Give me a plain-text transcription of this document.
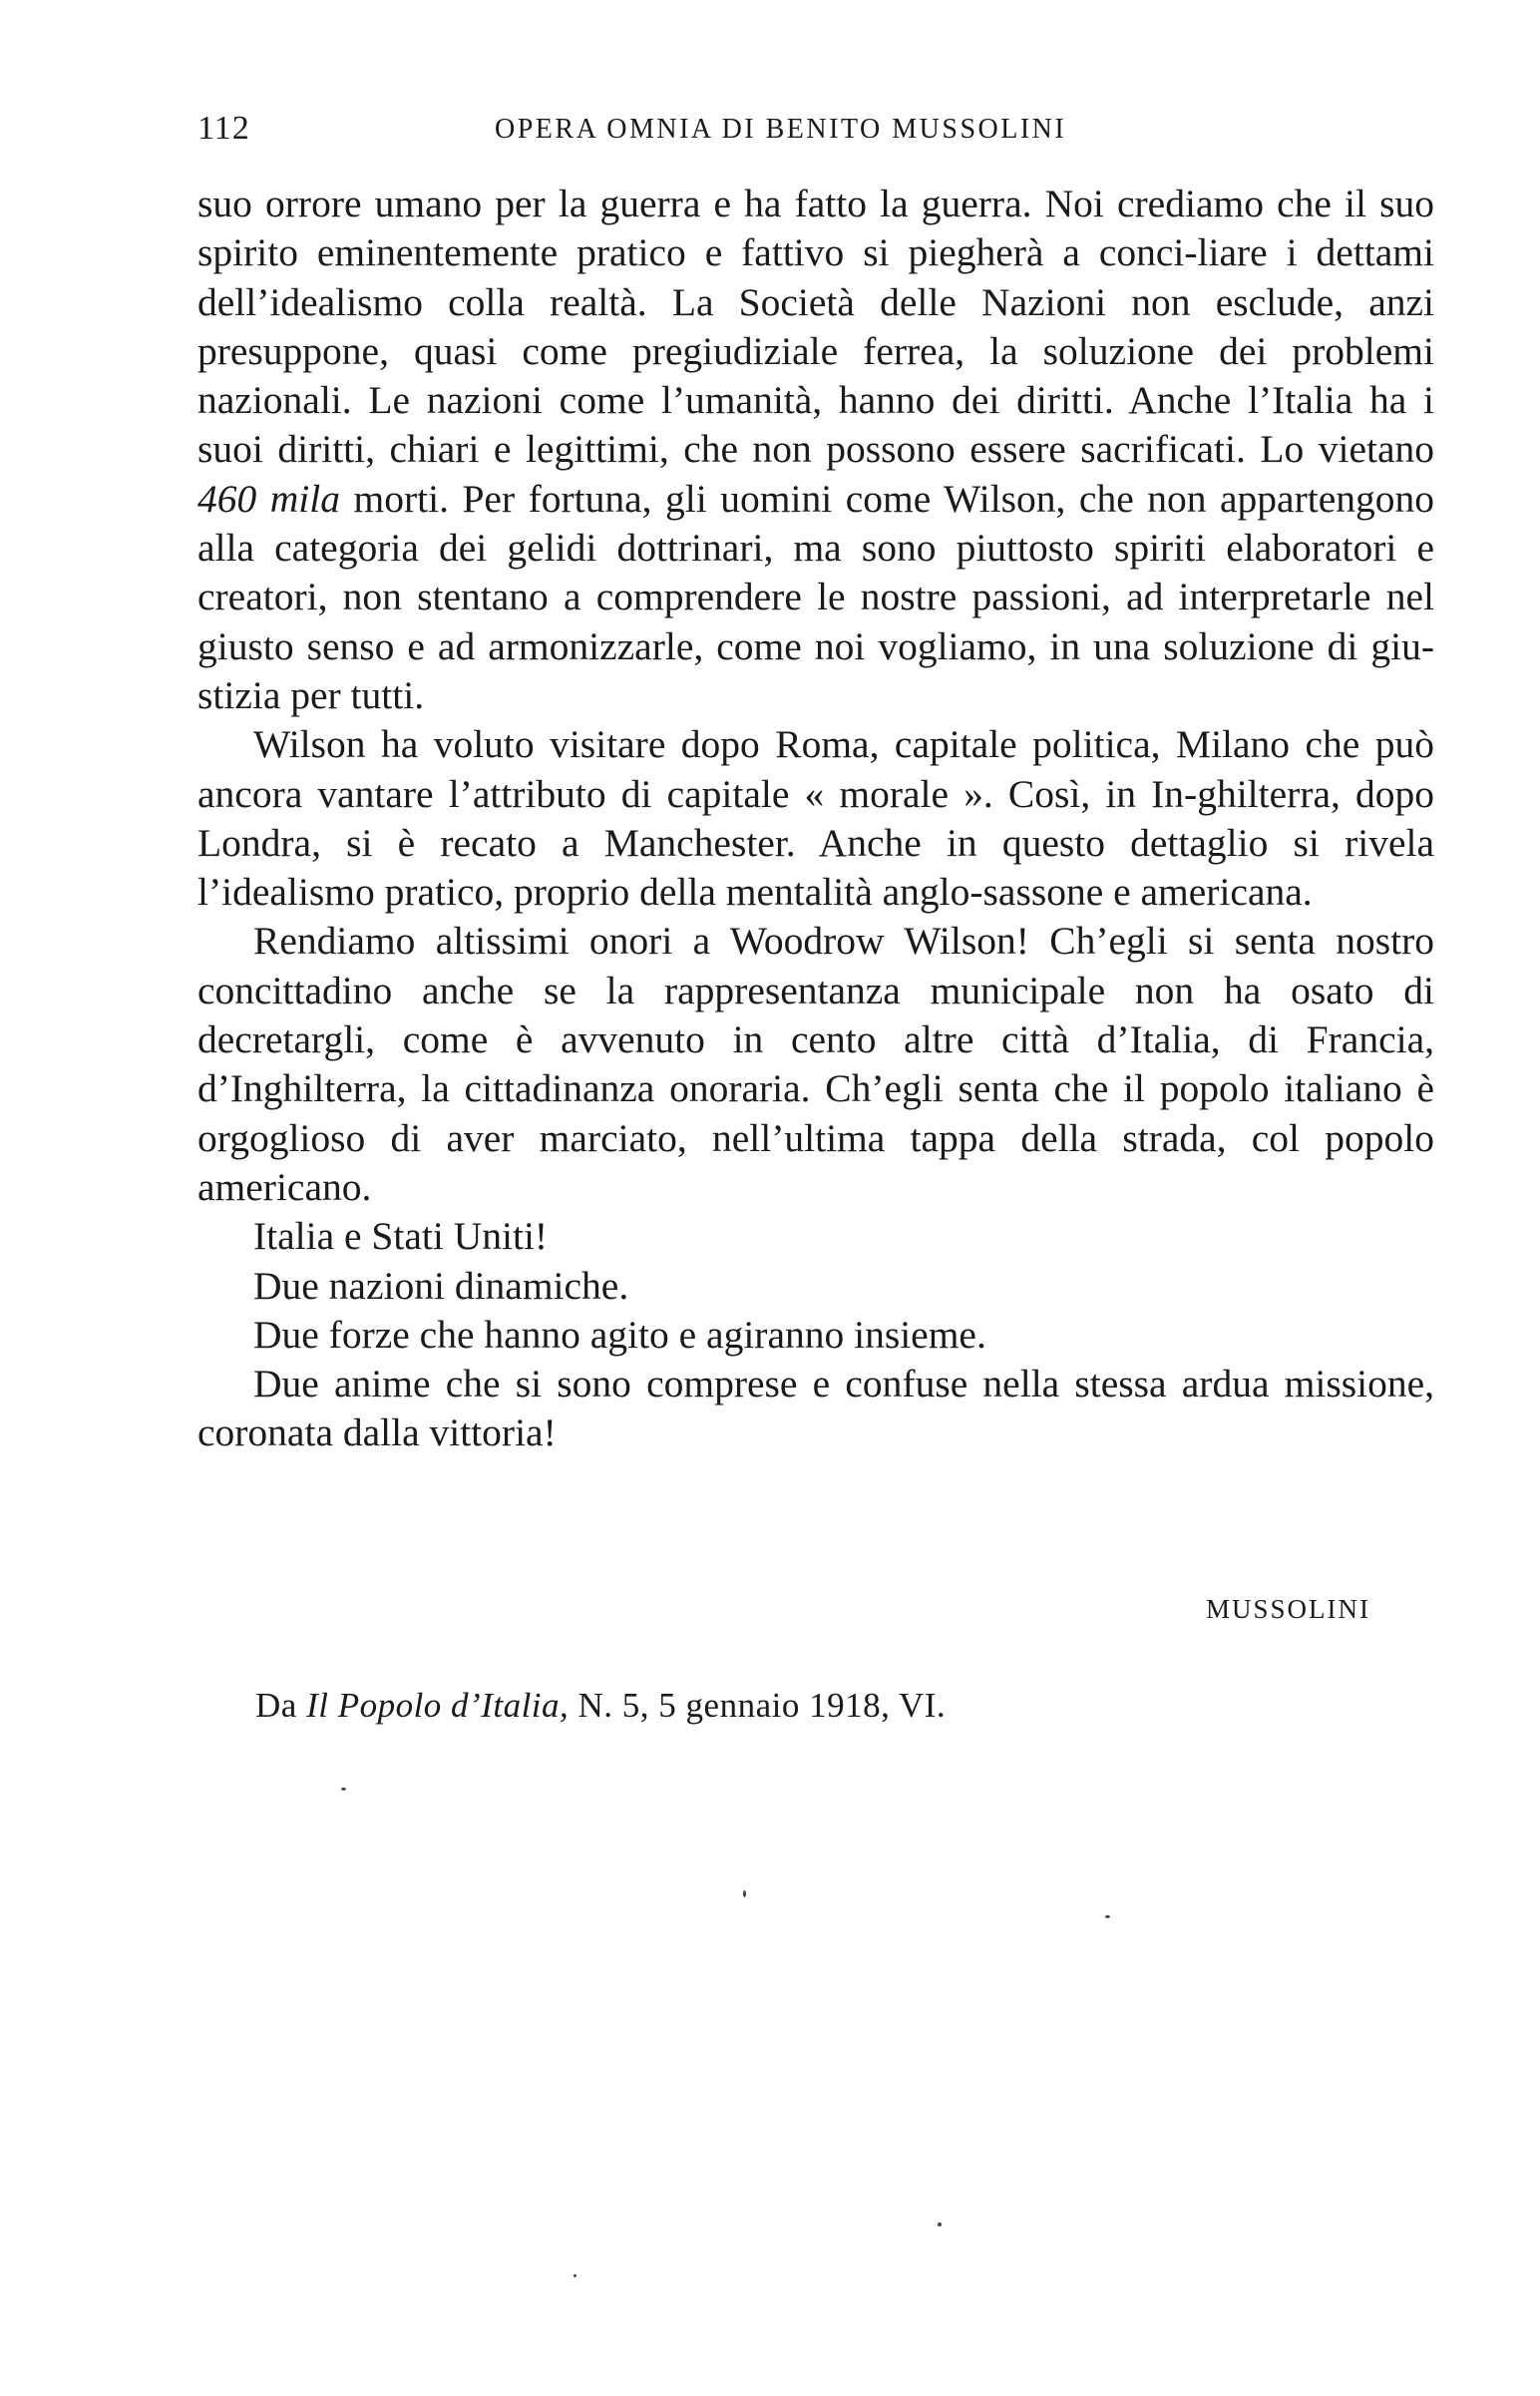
112	OPERA OMNIA DI BENITO MUSSOLINI

suo orrore umano per la guerra e ha fatto la guerra. Noi crediamo che il suo spirito eminentemente pratico e fattivo si piegherà a conci-liare i dettami dell’idealismo colla realtà. La Società delle Nazioni non esclude, anzi presuppone, quasi come pregiudiziale ferrea, la soluzione dei problemi nazionali. Le nazioni come l’umanità, hanno dei diritti. Anche l’Italia ha i suoi diritti, chiari e legittimi, che non possono essere sacrificati. Lo vietano 460 mila morti. Per fortuna, gli uomini come Wilson, che non appartengono alla categoria dei gelidi dottrinari, ma sono piuttosto spiriti elaboratori e creatori, non stentano a comprendere le nostre passioni, ad interpretarle nel giusto senso e ad armonizzarle, come noi vogliamo, in una soluzione di giu-stizia per tutti.

Wilson ha voluto visitare dopo Roma, capitale politica, Milano che può ancora vantare l’attributo di capitale « morale ». Così, in In-ghilterra, dopo Londra, si è recato a Manchester. Anche in questo dettaglio si rivela l’idealismo pratico, proprio della mentalità anglo-sassone e americana.

Rendiamo altissimi onori a Woodrow Wilson! Ch’egli si senta nostro concittadino anche se la rappresentanza municipale non ha osato di decretargli, come è avvenuto in cento altre città d’Italia, di Francia, d’Inghilterra, la cittadinanza onoraria. Ch’egli senta che il popolo italiano è orgoglioso di aver marciato, nell’ultima tappa della strada, col popolo americano.

Italia e Stati Uniti!

Due nazioni dinamiche.

Due forze che hanno agito e agiranno insieme.

Due anime che si sono comprese e confuse nella stessa ardua missione, coronata dalla vittoria!

MUSSOLINI
Da Il Popolo d’Italia, N. 5, 5 gennaio 1918, VI.
